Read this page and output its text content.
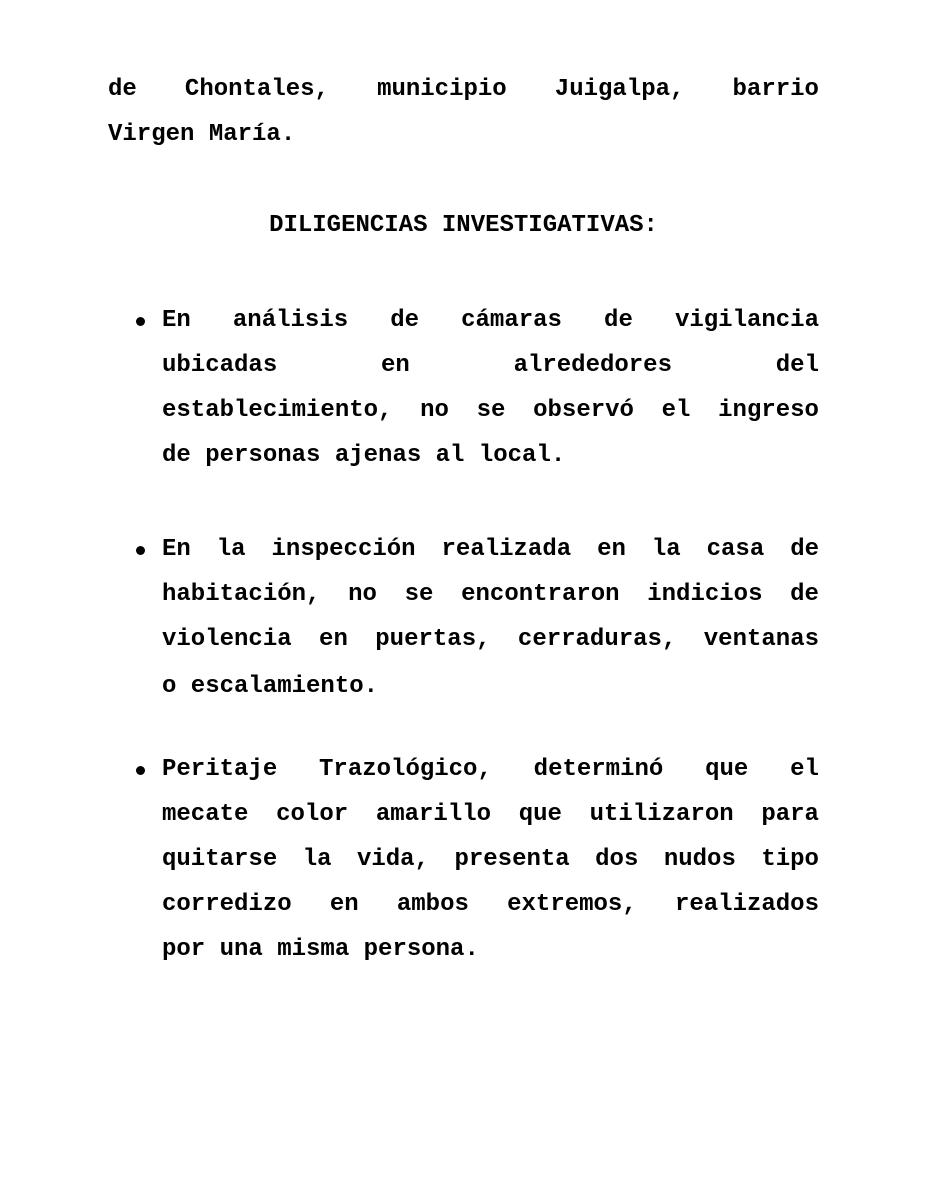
de Chontales, municipio Juigalpa, barrio
Virgen María.
DILIGENCIAS INVESTIGATIVAS:
En análisis de cámaras de vigilancia
ubicadas	en	alrededores	del
establecimiento, no se observó el ingreso
de personas ajenas al local.
En la inspección realizada en la casa de
habitación, no se encontraron indicios de
violencia en puertas, cerraduras, ventanas
o escalamiento.
Peritaje Trazológico, determinó que el
mecate color amarillo que utilizaron para
quitarse la vida, presenta dos nudos tipo
corredizo en ambos extremos, realizados
por una misma persona.
